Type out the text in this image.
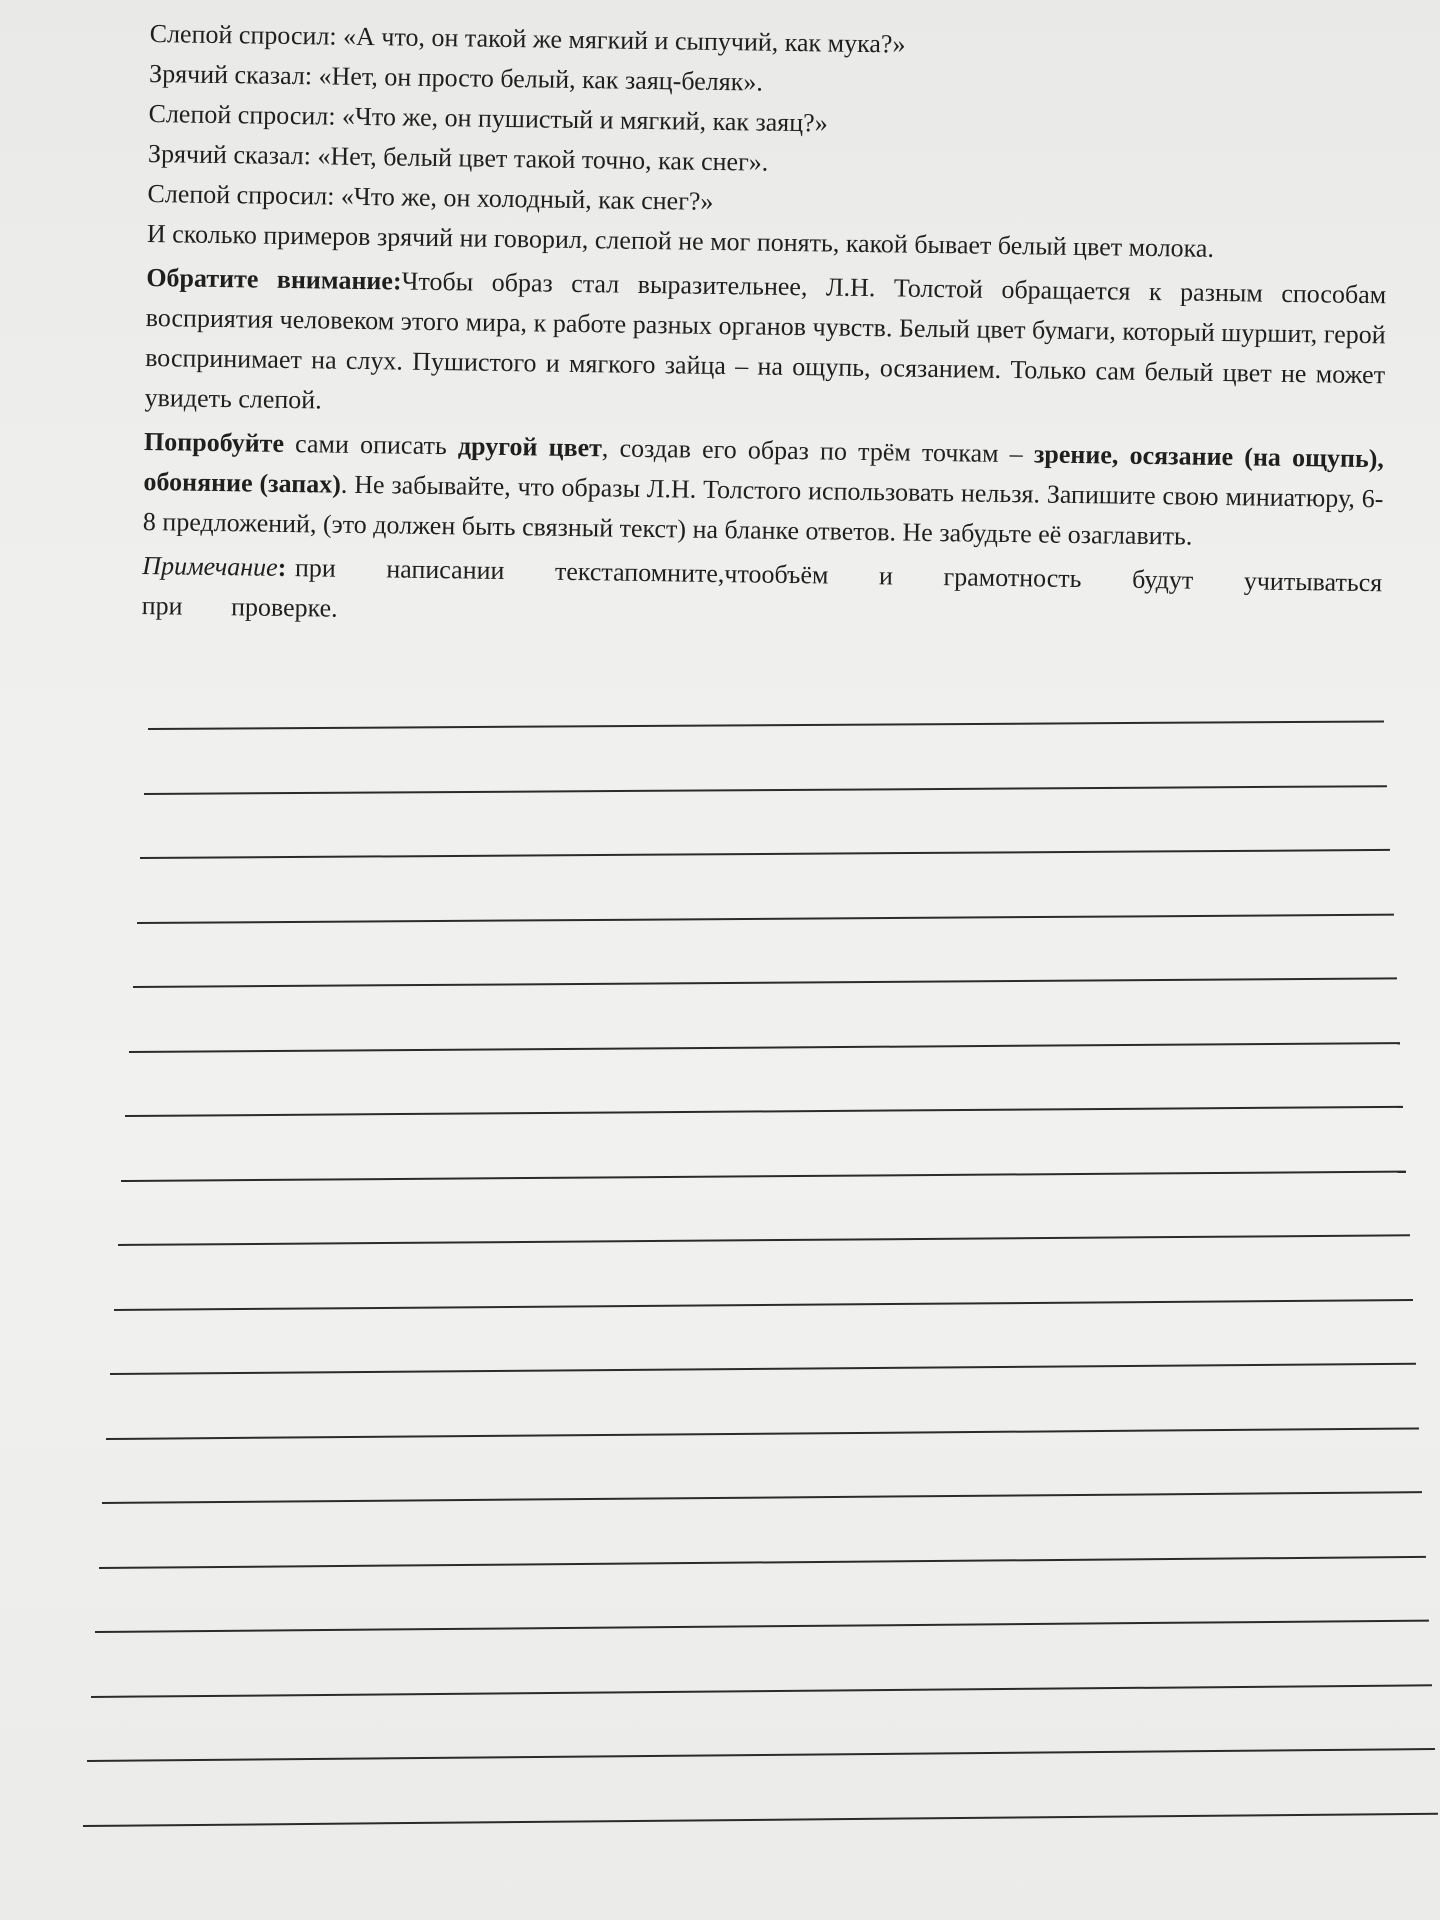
Слепой спросил: «А что, он такой же мягкий и сыпучий, как мука?»

Зрячий сказал: «Нет, он просто белый, как заяц-беляк».

Слепой спросил: «Что же, он пушистый и мягкий, как заяц?»

Зрячий сказал: «Нет, белый цвет такой точно, как снег».

Слепой спросил: «Что же, он холодный, как снег?»

И сколько примеров зрячий ни говорил, слепой не мог понять, какой бывает белый цвет молока.

Обратите внимание:Чтобы образ стал выразительнее, Л.Н. Толстой обращается к разным способам восприятия человеком этого мира, к работе разных органов чувств. Белый цвет бумаги, который шуршит, герой воспринимает на слух. Пушистого и мягкого зайца – на ощупь, осязанием. Только сам белый цвет не может увидеть слепой.

Попробуйте сами описать другой цвет, создав его образ по трём точкам – зрение, осязание (на ощупь), обоняние (запах). Не забывайте, что образы Л.Н. Толстого использовать нельзя. Запишите свою миниатюру, 6-8 предложений, (это должен быть связный текст) на бланке ответов. Не забудьте её озаглавить.

Примечание: при написании текстапомните,чтообъём и грамотность будут учитываться при проверке.
